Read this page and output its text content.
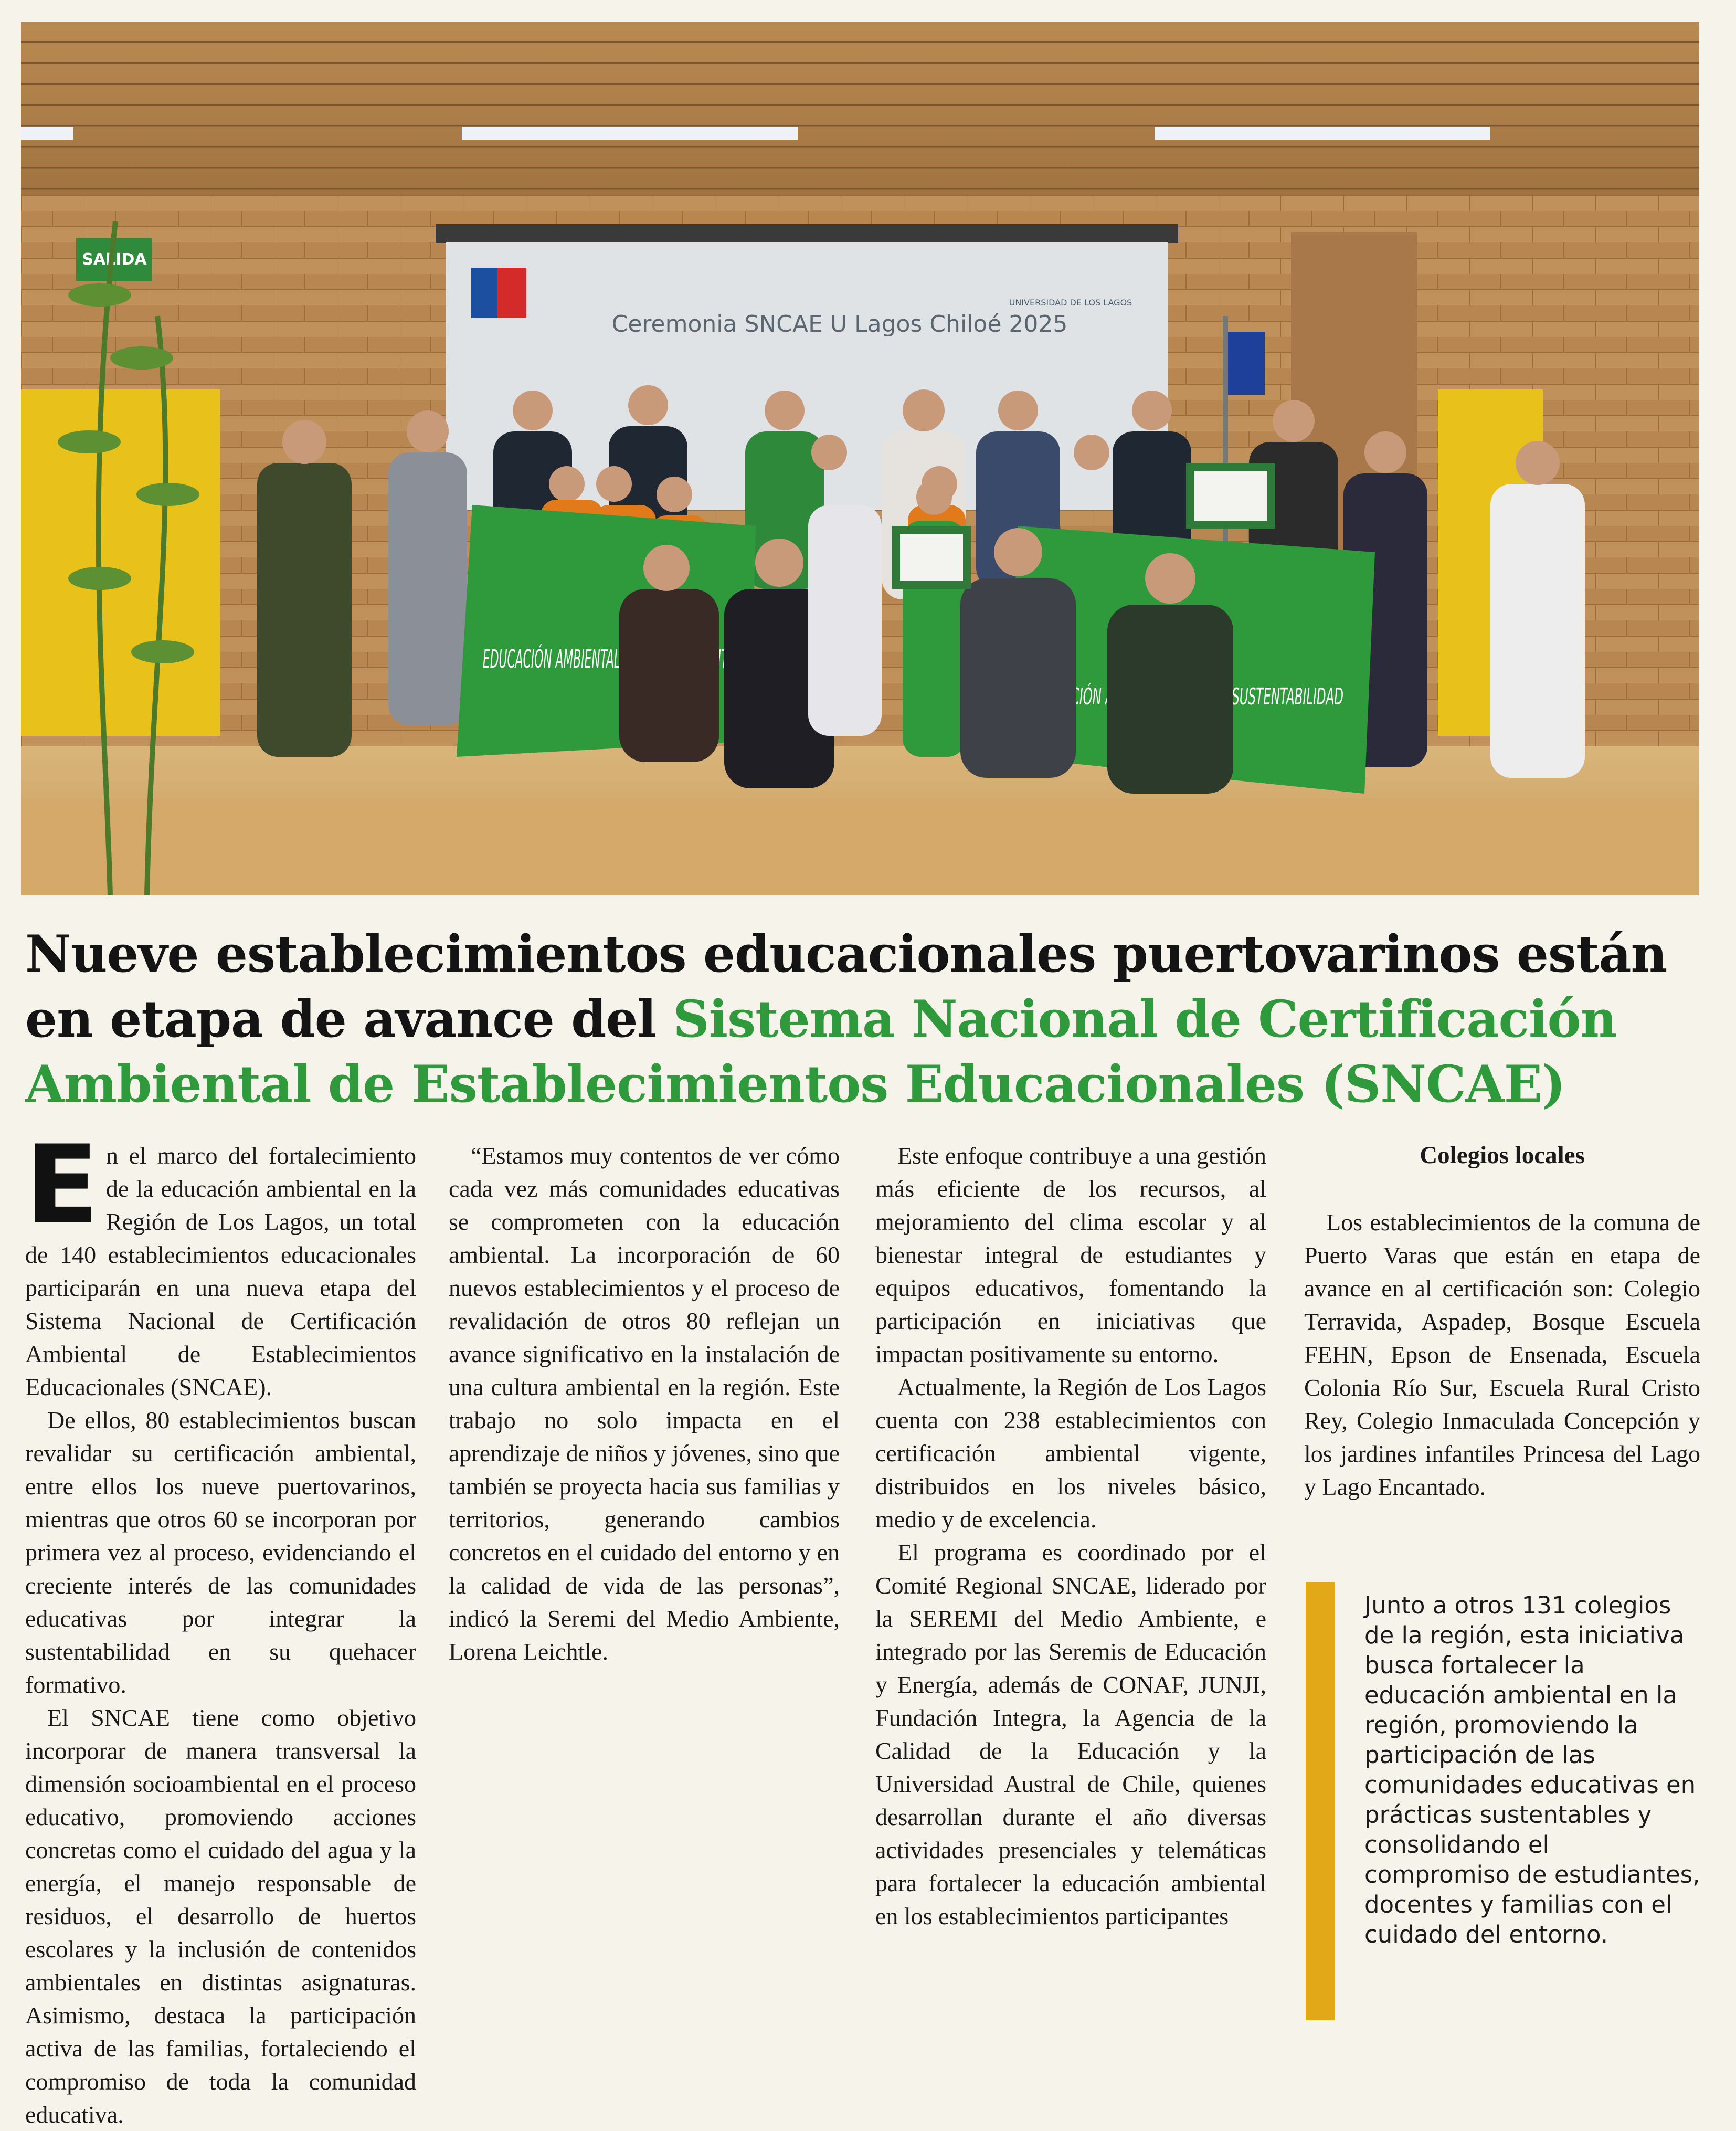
SALIDA
Ceremonia SNCAE U Lagos Chiloé 2025
UNIVERSIDAD DE LOS LAGOS
EDUCACIÓN AMBIENTAL PARA LA SUSTENTABILIDAD
Nueve establecimientos educacionales puertovarinos están en etapa de avance del Sistema Nacional de Certificación Ambiental de Establecimientos Educacionales (SNCAE)

En el marco del fortalecimiento de la educación ambiental en la Región de Los Lagos, un total de 140 establecimientos educacionales participarán en una nueva etapa del Sistema Nacional de Certificación Ambiental de Establecimientos Educacionales (SNCAE).

De ellos, 80 establecimientos buscan revalidar su certificación ambiental, entre ellos los nueve puertovarinos, mientras que otros 60 se incorporan por primera vez al proceso, evidenciando el creciente interés de las comunidades educativas por integrar la sustentabilidad en su quehacer formativo.

El SNCAE tiene como objetivo incorporar de manera transversal la dimensión socioambiental en el proceso educativo, promoviendo acciones concretas como el cuidado del agua y la energía, el manejo responsable de residuos, el desarrollo de huertos escolares y la inclusión de contenidos ambientales en distintas asignaturas. Asimismo, destaca la participación activa de las familias, fortaleciendo el compromiso de toda la comunidad educativa.

“Estamos muy contentos de ver cómo cada vez más comunidades educativas se comprometen con la educación ambiental. La incorporación de 60 nuevos establecimientos y el proceso de revalidación de otros 80 reflejan un avance significativo en la instalación de una cultura ambiental en la región. Este trabajo no solo impacta en el aprendizaje de niños y jóvenes, sino que también se proyecta hacia sus familias y territorios, generando cambios concretos en el cuidado del entorno y en la calidad de vida de las personas”, indicó la Seremi del Medio Ambiente, Lorena Leichtle.

Este enfoque contribuye a una gestión más eficiente de los recursos, al mejoramiento del clima escolar y al bienestar integral de estudiantes y equipos educativos, fomentando la participación en iniciativas que impactan positivamente su entorno.

Actualmente, la Región de Los Lagos cuenta con 238 establecimientos con certificación ambiental vigente, distribuidos en los niveles básico, medio y de excelencia.

El programa es coordinado por el Comité Regional SNCAE, liderado por la SEREMI del Medio Ambiente, e integrado por las Seremis de Educación y Energía, además de CONAF, JUNJI, Fundación Integra, la Agencia de la Calidad de la Educación y la Universidad Austral de Chile, quienes desarrollan durante el año diversas actividades presenciales y telemáticas para fortalecer la educación ambiental en los establecimientos participantes

Colegios locales

Los establecimientos de la comuna de Puerto Varas que están en etapa de avance en al certificación son: Colegio Terravida, Aspadep, Bosque Escuela FEHN, Epson de Ensenada, Escuela Colonia Río Sur, Escuela Rural Cristo Rey, Colegio Inmaculada Concepción y los jardines infantiles Princesa del Lago y Lago Encantado.

Junto a otros 131 colegios de la región, esta iniciativa busca fortalecer la educación ambiental en la región, promoviendo la participación de las comunidades educativas en prácticas sustentables y consolidando el compromiso de estudiantes, docentes y familias con el cuidado del entorno.
